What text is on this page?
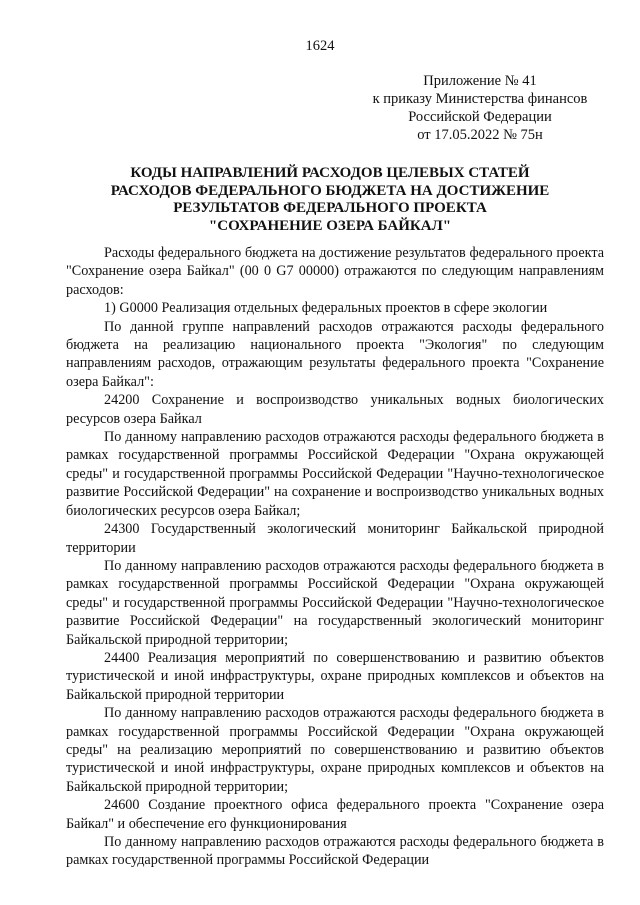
1624
Приложение № 41
к приказу Министерства финансов
Российской Федерации
от 17.05.2022 № 75н
КОДЫ НАПРАВЛЕНИЙ РАСХОДОВ ЦЕЛЕВЫХ СТАТЕЙ
РАСХОДОВ ФЕДЕРАЛЬНОГО БЮДЖЕТА НА ДОСТИЖЕНИЕ
РЕЗУЛЬТАТОВ ФЕДЕРАЛЬНОГО ПРОЕКТА
"СОХРАНЕНИЕ ОЗЕРА БАЙКАЛ"

Расходы федерального бюджета на достижение результатов федерального проекта "Сохранение озера Байкал" (00 0 G7 00000) отражаются по следующим направлениям расходов:

1) G0000 Реализация отдельных федеральных проектов в сфере экологии

По данной группе направлений расходов отражаются расходы федерального бюджета на реализацию национального проекта "Экология" по следующим направлениям расходов, отражающим результаты федерального проекта "Сохранение озера Байкал":

24200 Сохранение и воспроизводство уникальных водных биологических ресурсов озера Байкал

По данному направлению расходов отражаются расходы федерального бюджета в рамках государственной программы Российской Федерации "Охрана окружающей среды" и государственной программы Российской Федерации "Научно-технологическое развитие Российской Федерации" на сохранение и воспроизводство уникальных водных биологических ресурсов озера Байкал;

24300 Государственный экологический мониторинг Байкальской природной территории

По данному направлению расходов отражаются расходы федерального бюджета в рамках государственной программы Российской Федерации "Охрана окружающей среды" и государственной программы Российской Федерации "Научно-технологическое развитие Российской Федерации" на государственный экологический мониторинг Байкальской природной территории;

24400 Реализация мероприятий по совершенствованию и развитию объектов туристической и иной инфраструктуры, охране природных комплексов и объектов на Байкальской природной территории

По данному направлению расходов отражаются расходы федерального бюджета в рамках государственной программы Российской Федерации "Охрана окружающей среды" на реализацию мероприятий по совершенствованию и развитию объектов туристической и иной инфраструктуры, охране природных комплексов и объектов на Байкальской природной территории;

24600 Создание проектного офиса федерального проекта "Сохранение озера Байкал" и обеспечение его функционирования

По данному направлению расходов отражаются расходы федерального бюджета в рамках государственной программы Российской Федерации
